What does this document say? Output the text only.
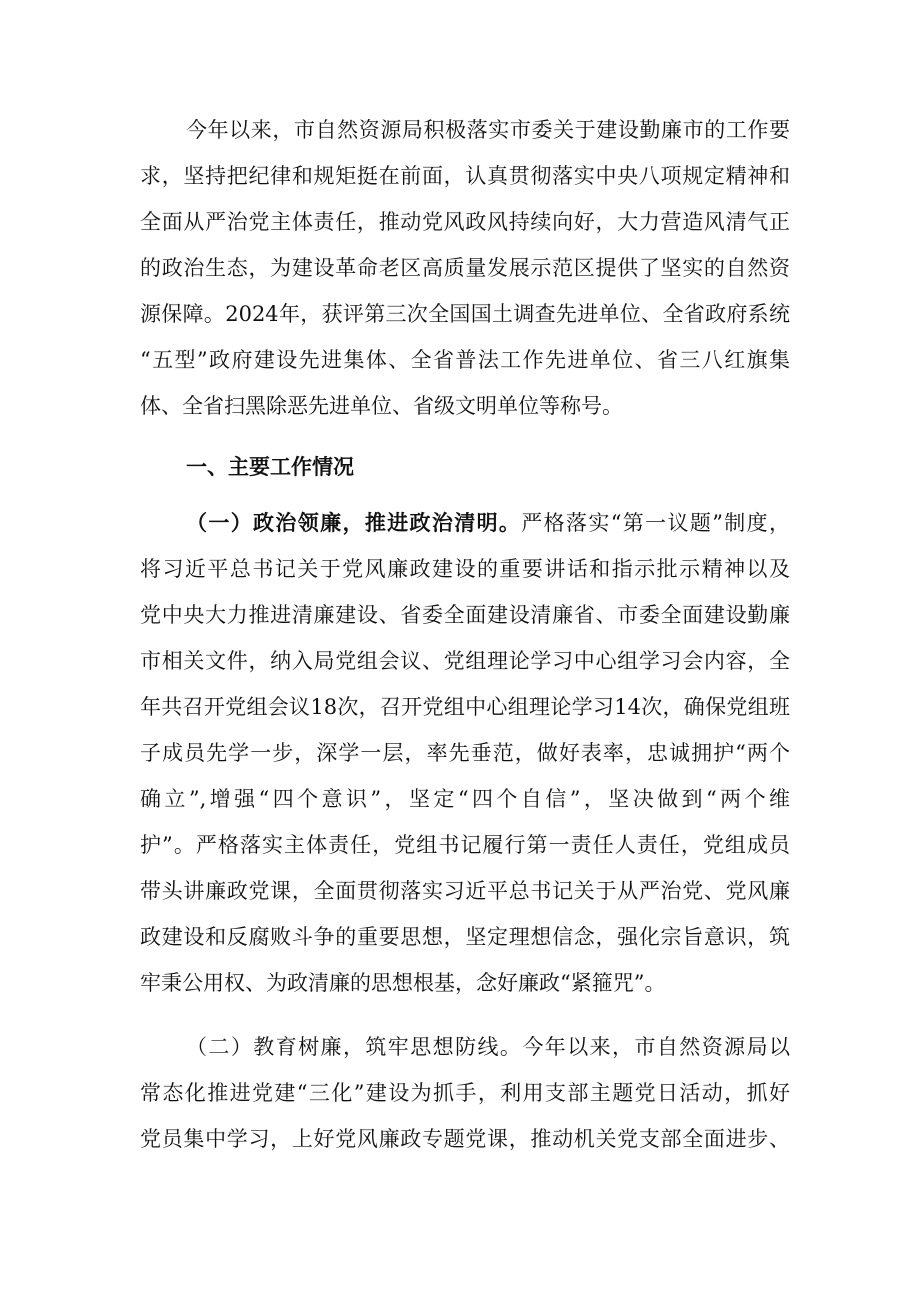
今年以来，市自然资源局积极落实市委关于建设勤廉市的工作要
求，坚持把纪律和规矩挺在前面，认真贯彻落实中央八项规定精神和
全面从严治党主体责任，推动党风政风持续向好，大力营造风清气正
的政治生态，为建设革命老区高质量发展示范区提供了坚实的自然资
源保障。2024年，获评第三次全国国土调查先进单位、全省政府系统
“五型”政府建设先进集体、全省普法工作先进单位、省三八红旗集
体、全省扫黑除恶先进单位、省级文明单位等称号。
一、主要工作情况
（一）政治领廉，推进政治清明。严格落实“第一议题”制度，
将习近平总书记关于党风廉政建设的重要讲话和指示批示精神以及
党中央大力推进清廉建设、省委全面建设清廉省、市委全面建设勤廉
市相关文件，纳入局党组会议、党组理论学习中心组学习会内容，全
年共召开党组会议18次，召开党组中心组理论学习14次，确保党组班
子成员先学一步，深学一层，率先垂范，做好表率，忠诚拥护“两个
确立”,增强“四个意识”，坚定“四个自信”，坚决做到“两个维
护”。严格落实主体责任，党组书记履行第一责任人责任，党组成员
带头讲廉政党课，全面贯彻落实习近平总书记关于从严治党、党风廉
政建设和反腐败斗争的重要思想，坚定理想信念，强化宗旨意识，筑
牢秉公用权、为政清廉的思想根基，念好廉政“紧箍咒”。
（二）教育树廉，筑牢思想防线。今年以来，市自然资源局以
常态化推进党建“三化”建设为抓手，利用支部主题党日活动，抓好
党员集中学习，上好党风廉政专题党课，推动机关党支部全面进步、
